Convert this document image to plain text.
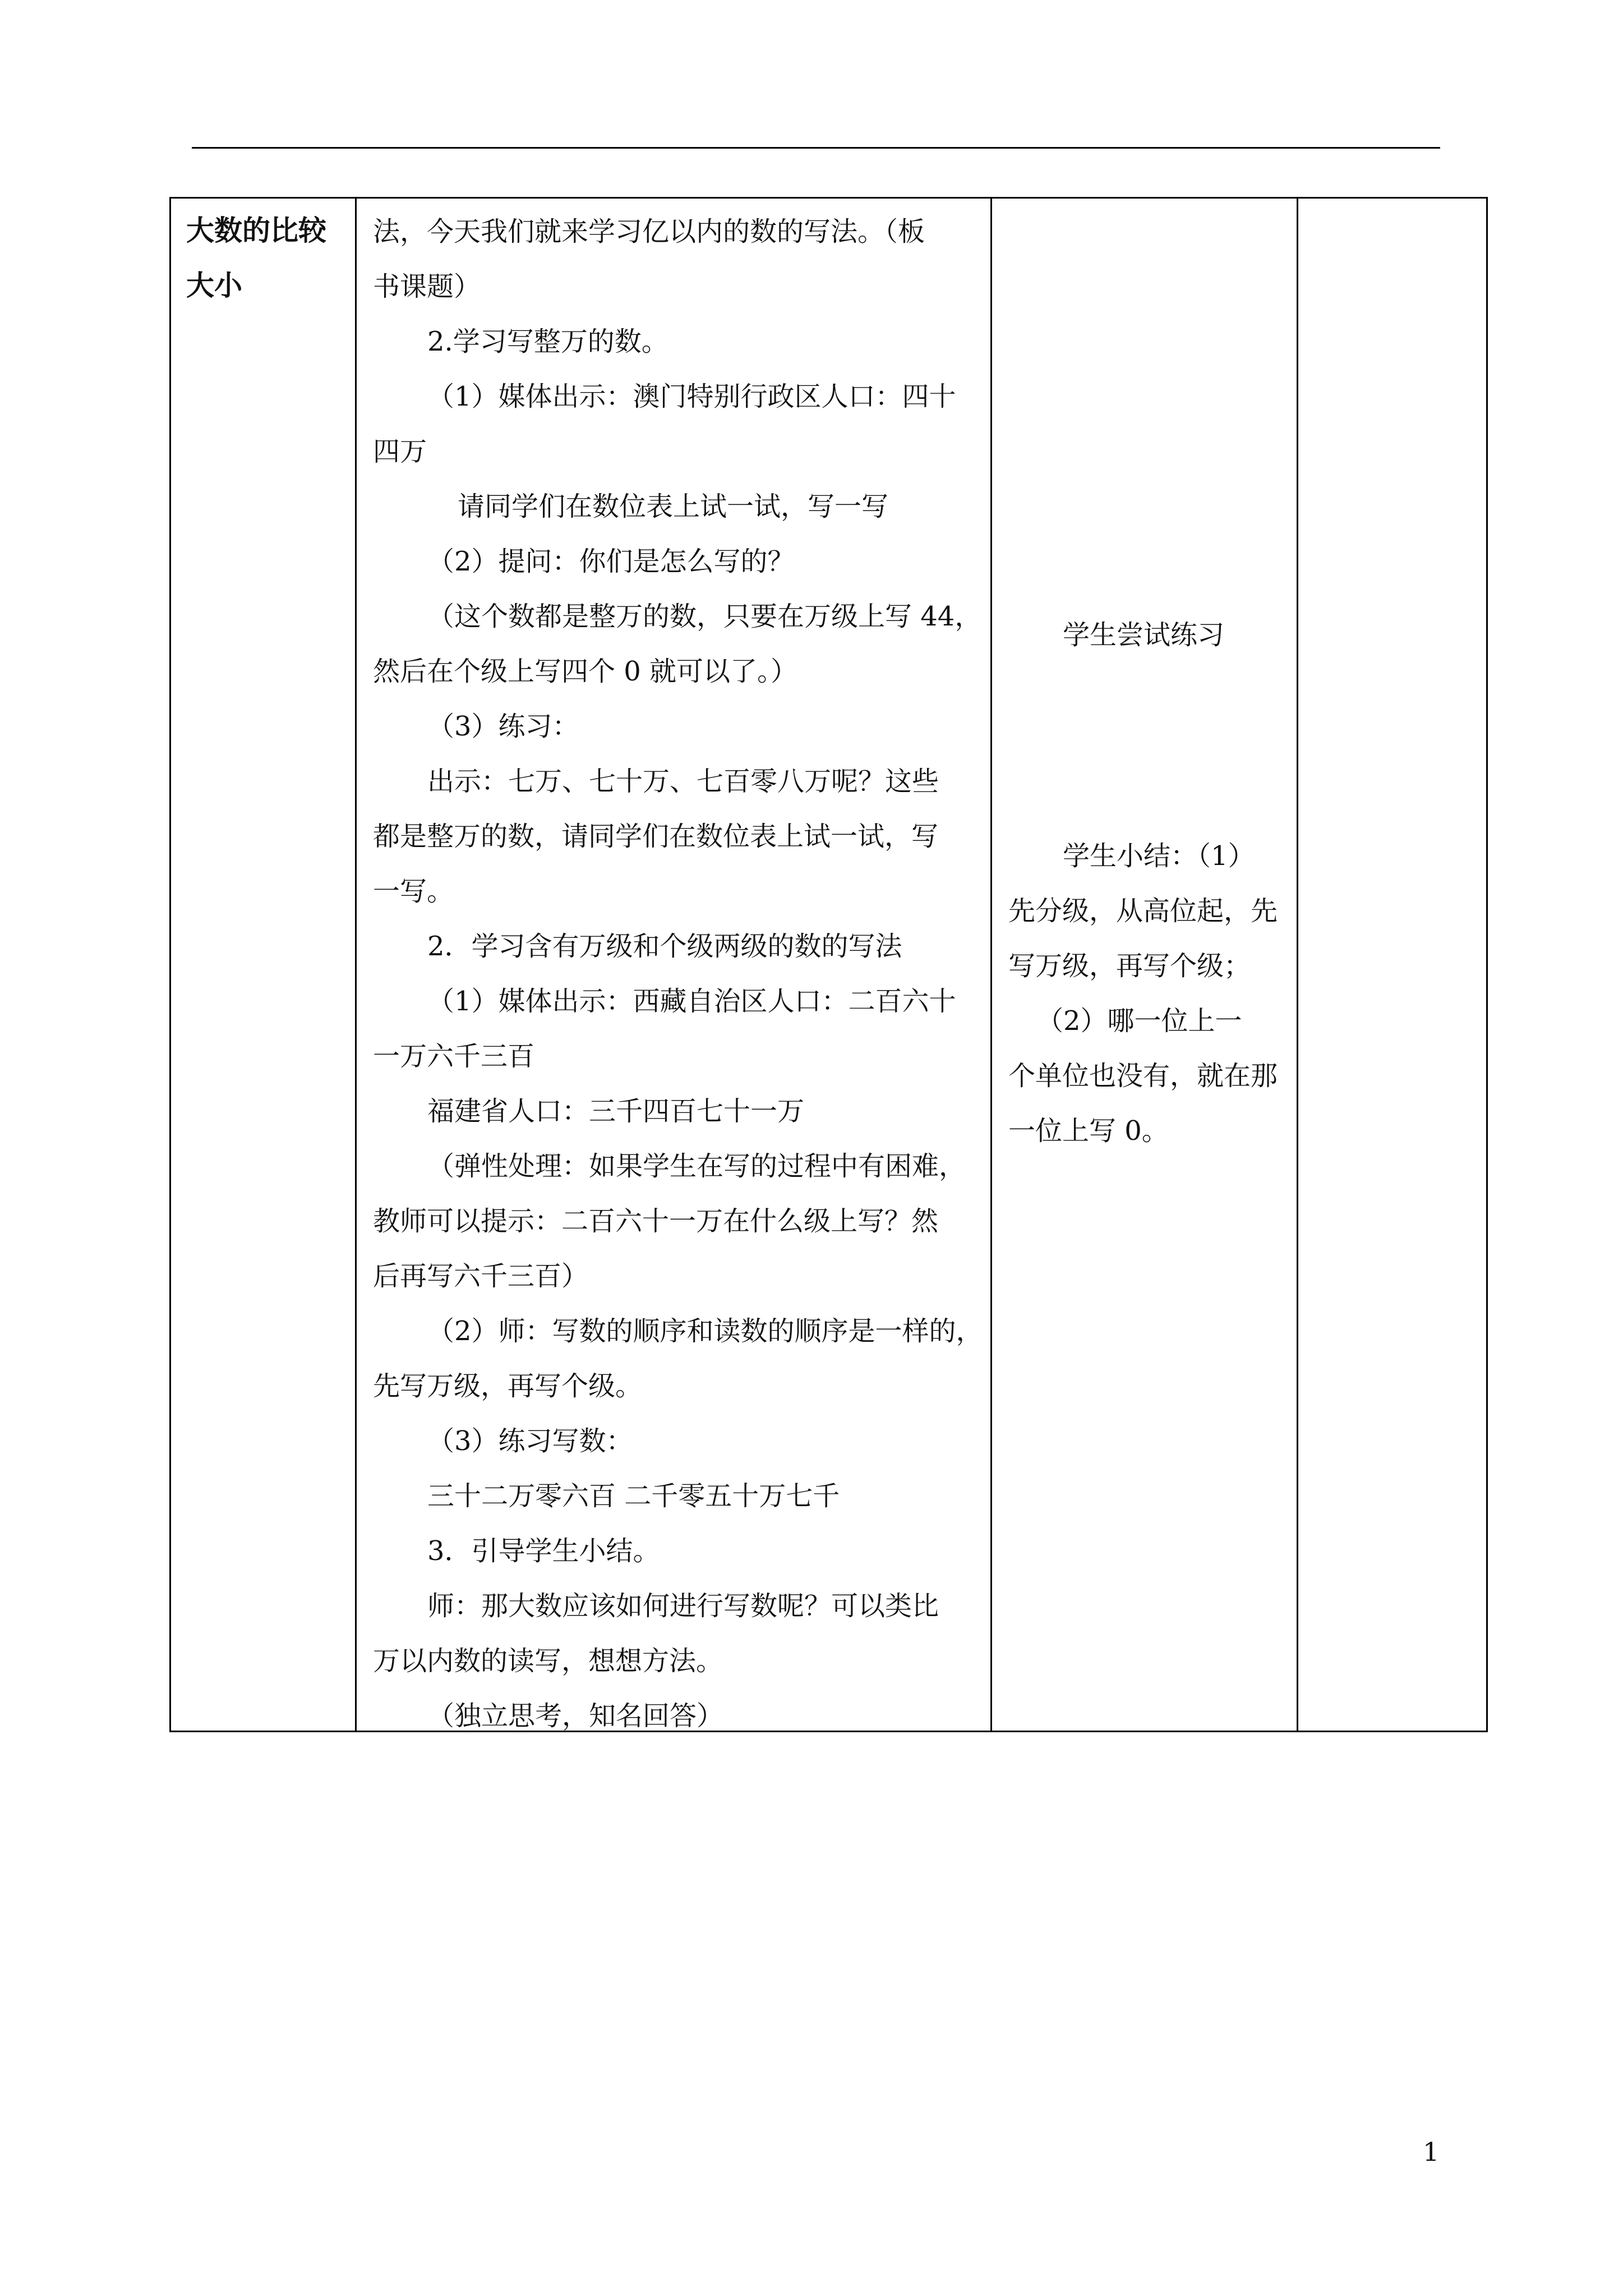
大数的比较
大小

法，今天我们就来学习亿以内的数的写法。（板
书课题）
2.学习写整万的数。
（1）媒体出示：澳门特别行政区人口：四十
四万
请同学们在数位表上试一试，写一写
（2）提问：你们是怎么写的？
（这个数都是整万的数，只要在万级上写 44，
然后在个级上写四个 0 就可以了。）
（3）练习：
出示：七万、七十万、七百零八万呢？这些
都是整万的数，请同学们在数位表上试一试，写
一写。
2．学习含有万级和个级两级的数的写法
（1）媒体出示：西藏自治区人口：二百六十
一万六千三百
福建省人口：三千四百七十一万
（弹性处理：如果学生在写的过程中有困难，
教师可以提示：二百六十一万在什么级上写？然
后再写六千三百）
（2）师：写数的顺序和读数的顺序是一样的，
先写万级，再写个级。
（3）练习写数：
三十二万零六百 二千零五十万七千
3．引导学生小结。
师：那大数应该如何进行写数呢？可以类比
万以内数的读写，想想方法。
（独立思考，知名回答）

学生尝试练习
学生小结：（1）
先分级，从高位起，先
写万级，再写个级；
（2）哪一位上一
个单位也没有，就在那
一位上写 0。

1
